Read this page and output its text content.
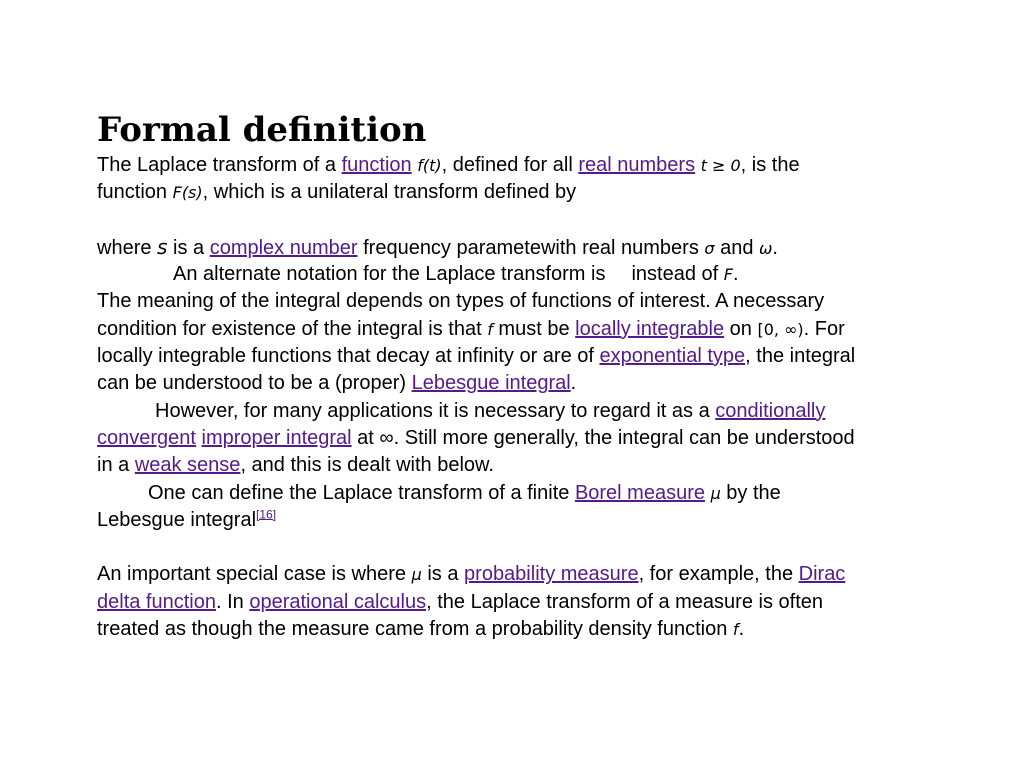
Formal definition
The Laplace transform of a function f(t), defined for all real numbers t ≥ 0, is the
function F(s), which is a unilateral transform defined by
where s is a complex number frequency parametewith real numbers σ and ω.
An alternate notation for the Laplace transform is instead of F.
The meaning of the integral depends on types of functions of interest. A necessary
condition for existence of the integral is that f must be locally integrable on [0, ∞). For
locally integrable functions that decay at infinity or are of exponential type, the integral
can be understood to be a (proper) Lebesgue integral.
However, for many applications it is necessary to regard it as a conditionally
convergent improper integral at ∞. Still more generally, the integral can be understood
in a weak sense, and this is dealt with below.
One can define the Laplace transform of a finite Borel measure μ by the
Lebesgue integral[16]
An important special case is where μ is a probability measure, for example, the Dirac
delta function. In operational calculus, the Laplace transform of a measure is often
treated as though the measure came from a probability density function f.
